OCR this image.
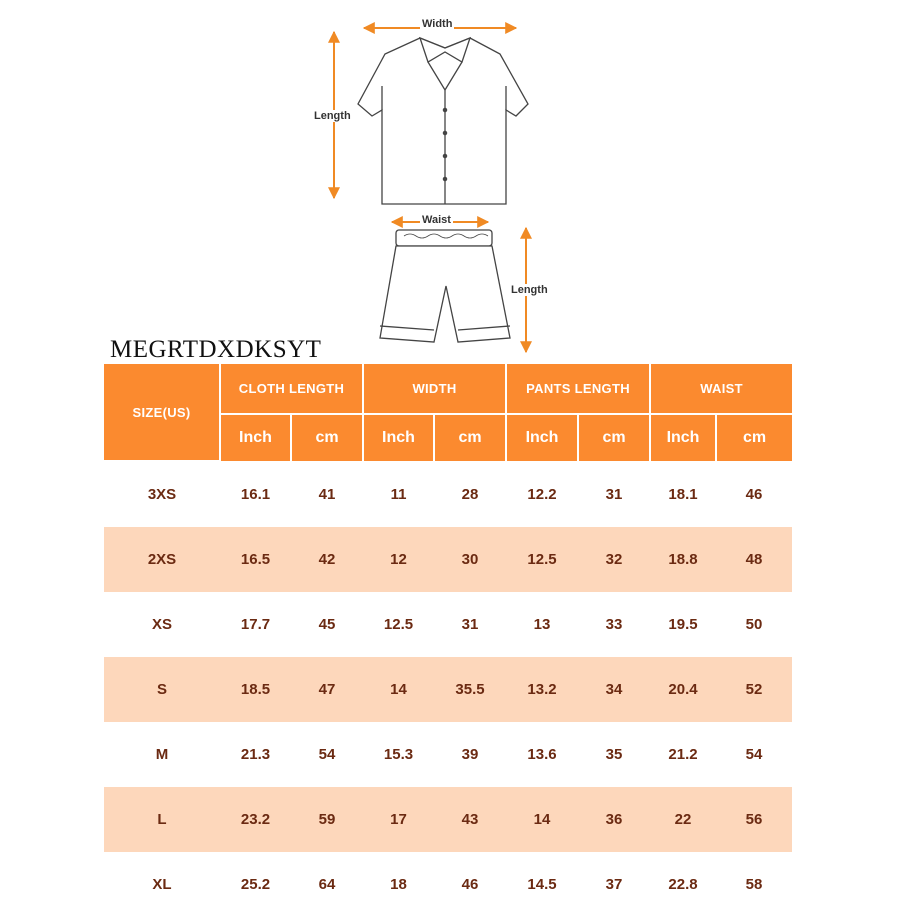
Width
Length
Waist
Length
MEGRTDXDKSYT
SIZE(US)	CLOTH LENGTH		WIDTH		PANTS LENGTH		WAIST	
	Inch	cm	Inch	cm	Inch	cm	Inch	cm
3XS	16.1	41	11	28	12.2	31	18.1	46
2XS	16.5	42	12	30	12.5	32	18.8	48
XS	17.7	45	12.5	31	13	33	19.5	50
S	18.5	47	14	35.5	13.2	34	20.4	52
M	21.3	54	15.3	39	13.6	35	21.2	54
L	23.2	59	17	43	14	36	22	56
XL	25.2	64	18	46	14.5	37	22.8	58
